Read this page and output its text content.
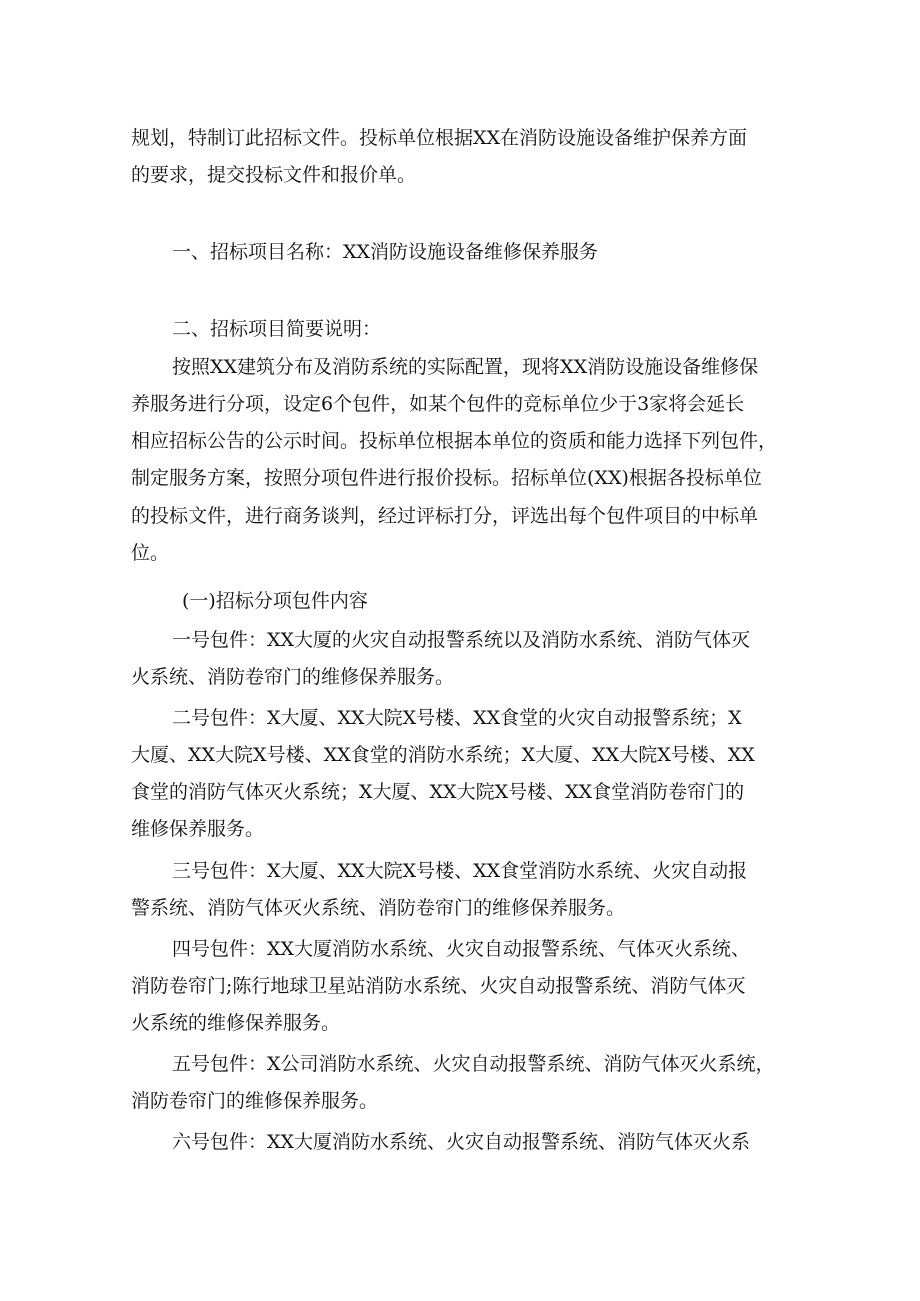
规划，特制订此招标文件。投标单位根据XX在消防设施设备维护保养方面

的要求，提交投标文件和报价单。

一、招标项目名称：XX消防设施设备维修保养服务

二、招标项目简要说明：

按照XX建筑分布及消防系统的实际配置，现将XX消防设施设备维修保

养服务进行分项，设定6个包件，如某个包件的竞标单位少于3家将会延长

相应招标公告的公示时间。投标单位根据本单位的资质和能力选择下列包件，

制定服务方案，按照分项包件进行报价投标。招标单位(XX)根据各投标单位

的投标文件，进行商务谈判，经过评标打分，评选出每个包件项目的中标单

位。

(一)招标分项包件内容

一号包件：XX大厦的火灾自动报警系统以及消防水系统、消防气体灭

火系统、消防卷帘门的维修保养服务。

二号包件：X大厦、XX大院X号楼、XX食堂的火灾自动报警系统；X

大厦、XX大院X号楼、XX食堂的消防水系统；X大厦、XX大院X号楼、XX

食堂的消防气体灭火系统；X大厦、XX大院X号楼、XX食堂消防卷帘门的

维修保养服务。

三号包件：X大厦、XX大院X号楼、XX食堂消防水系统、火灾自动报

警系统、消防气体灭火系统、消防卷帘门的维修保养服务。

四号包件：XX大厦消防水系统、火灾自动报警系统、气体灭火系统、

消防卷帘门;陈行地球卫星站消防水系统、火灾自动报警系统、消防气体灭

火系统的维修保养服务。

五号包件：X公司消防水系统、火灾自动报警系统、消防气体灭火系统，

消防卷帘门的维修保养服务。

六号包件：XX大厦消防水系统、火灾自动报警系统、消防气体灭火系
